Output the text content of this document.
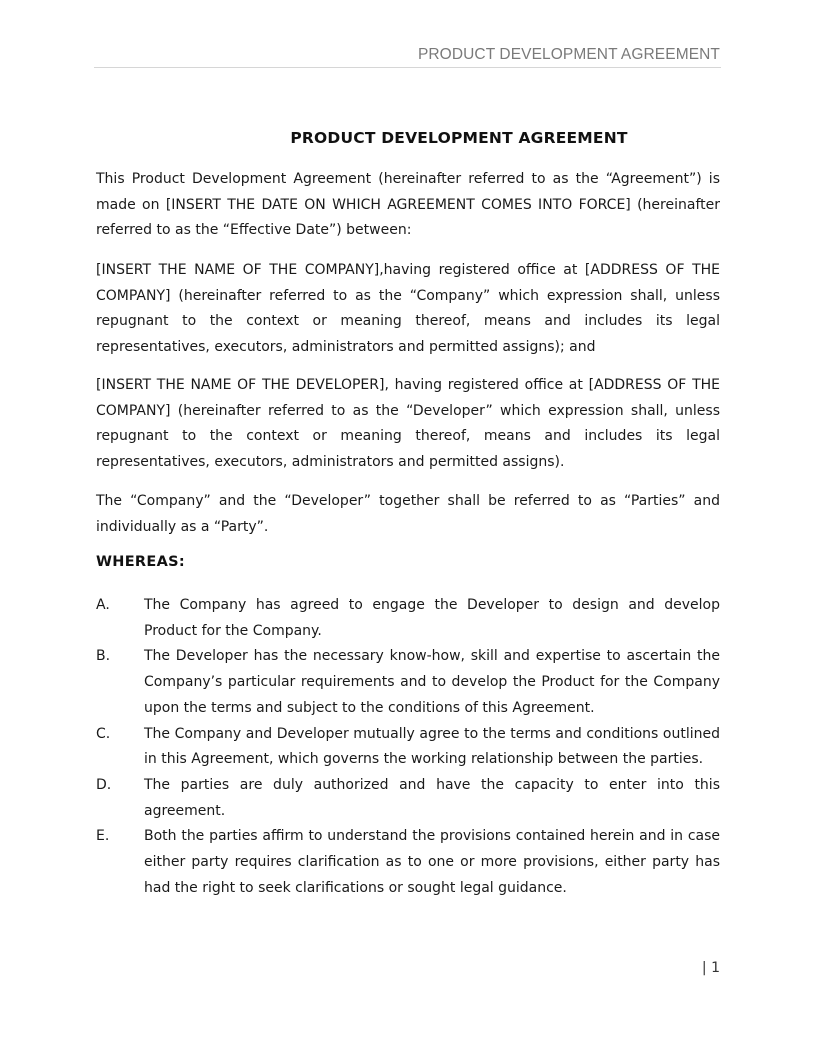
PRODUCT DEVELOPMENT AGREEMENT
PRODUCT DEVELOPMENT AGREEMENT

This Product Development Agreement (hereinafter referred to as the “Agreement”) is made on [INSERT THE DATE ON WHICH AGREEMENT COMES INTO FORCE] (hereinafter referred to as the “Effective Date”) between:

[INSERT THE NAME OF THE COMPANY],having registered office at [ADDRESS OF THE COMPANY] (hereinafter referred to as the “Company” which expression shall, unless repugnant to the context or meaning thereof, means and includes its legal representatives, executors, administrators and permitted assigns); and

[INSERT THE NAME OF THE DEVELOPER], having registered office at [ADDRESS OF THE COMPANY] (hereinafter referred to as the “Developer” which expression shall, unless repugnant to the context or meaning thereof, means and includes its legal representatives, executors, administrators and permitted assigns).

The “Company” and the “Developer” together shall be referred to as “Parties” and individually as a “Party”.

WHEREAS:
A.	The Company has agreed to engage the Developer to design and develop Product for the Company.
B.	The Developer has the necessary know-how, skill and expertise to ascertain the Company’s particular requirements and to develop the Product for the Company upon the terms and subject to the conditions of this Agreement.
C.	The Company and Developer mutually agree to the terms and conditions outlined in this Agreement, which governs the working relationship between the parties.
D.	The parties are duly authorized and have the capacity to enter into this agreement.
E.	Both the parties affirm to understand the provisions contained herein and in case either party requires clarification as to one or more provisions, either party has had the right to seek clarifications or sought legal guidance.
| 1
